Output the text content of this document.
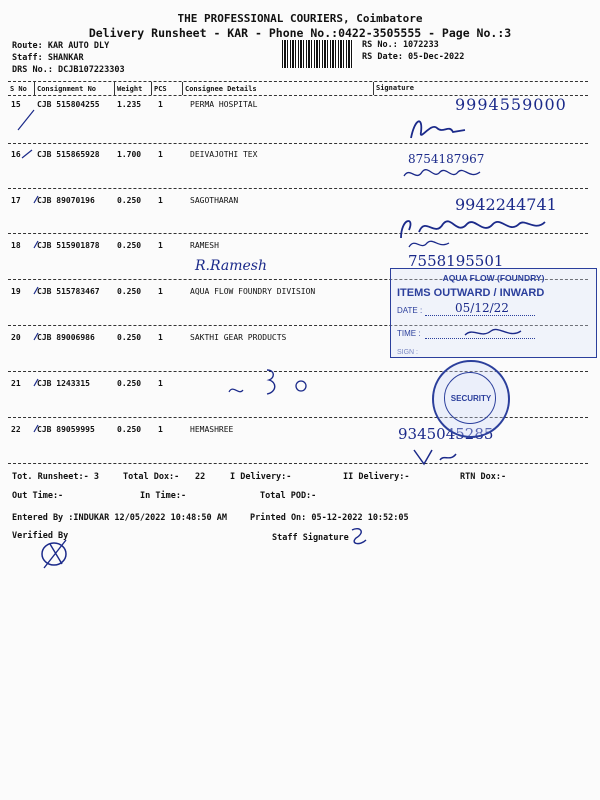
THE PROFESSIONAL COURIERS, Coimbatore
Delivery Runsheet - KAR - Phone No.:0422-3505555 - Page No.:3
Route: KAR AUTO DLY
Staff: SHANKAR
DRS No.: DCJB107223303
RS No.: 1072233
RS Date: 05-Dec-2022
S No Consignment No	Weight PCS	Consignee Details	Signature
15 CJB 515804255 1.235 1	PERMA HOSPITAL
16 CJB 515865928 1.700 1	DEIVAJOTHI TEX
17 CJB 89070196	0.250 1	SAGOTHARAN
18 CJB 515901878 0.250 1	RAMESH
19 CJB 515783467 0.250 1	AQUA FLOW FOUNDRY DIVISION
20 CJB 89006986	0.250 1	SAKTHI GEAR PRODUCTS
21 CJB 1243315	0.250 1
22 CJB 89059995	0.250 1	HEMASHREE
9994559000
8754187967
9942244741
7558195501
R.Ramesh
9345045285
AQUA FLOW (FOUNDRY)
ITEMS OUTWARD / INWARD
DATE :	05/12/22
TIME :
SIGN :
SECURITY
Tot. Runsheet:- 3	Total Dox:- 22	I Delivery:-	II Delivery:-	RTN Dox:-
Out Time:-	In Time:-	Total POD:-
Entered By :INDUKAR 12/05/2022 10:48:50 AM	Printed On: 05-12-2022 10:52:05
Verified By	Staff Signature
